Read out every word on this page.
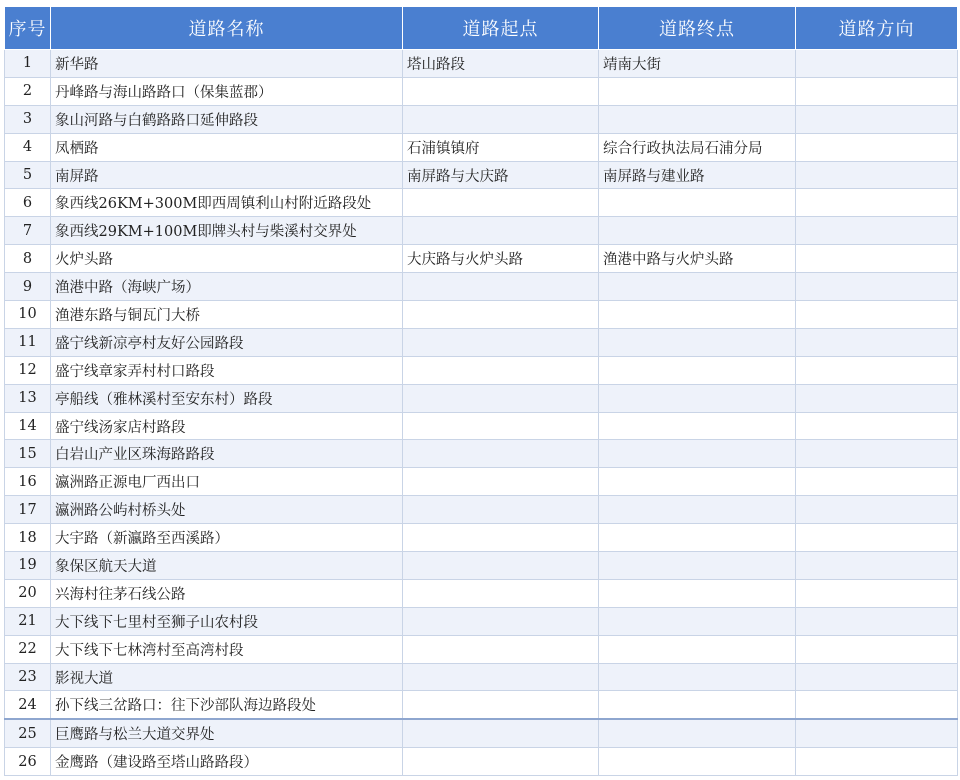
序号	道路名称	道路起点	道路终点	道路方向
1	新华路	塔山路段	靖南大街	
2	丹峰路与海山路路口（保集蓝郡）			
3	象山河路与白鹤路路口延伸路段			
4	凤栖路	石浦镇镇府	综合行政执法局石浦分局	
5	南屏路	南屏路与大庆路	南屏路与建业路	
6	象西线26KM+300M即西周镇利山村附近路段处			
7	象西线29KM+100M即牌头村与柴溪村交界处			
8	火炉头路	大庆路与火炉头路	渔港中路与火炉头路	
9	渔港中路（海峡广场）			
10	渔港东路与铜瓦门大桥			
11	盛宁线新凉亭村友好公园路段			
12	盛宁线章家弄村村口路段			
13	亭船线（雅林溪村至安东村）路段			
14	盛宁线汤家店村路段			
15	白岩山产业区珠海路路段			
16	瀛洲路正源电厂西出口			
17	瀛洲路公屿村桥头处			
18	大宇路（新瀛路至西溪路）			
19	象保区航天大道			
20	兴海村往茅石线公路			
21	大下线下七里村至狮子山农村段			
22	大下线下七林湾村至高湾村段			
23	影视大道			
24	孙下线三岔路口：往下沙部队海边路段处			
25	巨鹰路与松兰大道交界处			
26	金鹰路（建设路至塔山路路段）			
